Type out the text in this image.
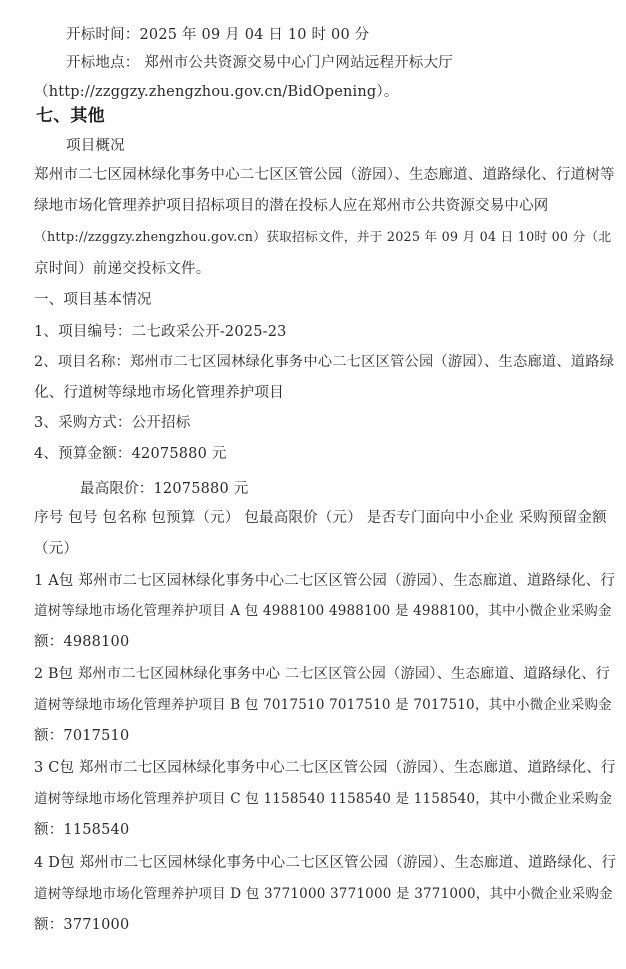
开标时间：2025 年 09 月 04 日 10 时 00 分
开标地点： 郑州市公共资源交易中心门户网站远程开标大厅
（http://zzggzy.zhengzhou.gov.cn/BidOpening）。
七、其他
项目概况
郑州市二七区园林绿化事务中心二七区区管公园（游园）、生态廊道、道路绿化、行道树等
绿地市场化管理养护项目招标项目的潜在投标人应在郑州市公共资源交易中心网
（http://zzggzy.zhengzhou.gov.cn）获取招标文件，并于 2025 年 09 月 04 日 10时 00 分（北
京时间）前递交投标文件。
一、项目基本情况
1、项目编号：二七政采公开-2025-23
2、项目名称：郑州市二七区园林绿化事务中心二七区区管公园（游园）、生态廊道、道路绿
化、行道树等绿地市场化管理养护项目
3、采购方式：公开招标
4、预算金额：42075880 元
最高限价：12075880 元
序号 包号 包名称 包预算（元） 包最高限价（元） 是否专门面向中小企业 采购预留金额
（元）
1 A包 郑州市二七区园林绿化事务中心二七区区管公园（游园）、生态廊道、道路绿化、行
道树等绿地市场化管理养护项目 A 包 4988100 4988100 是 4988100，其中小微企业采购金
额：4988100
2 B包 郑州市二七区园林绿化事务中心 二七区区管公园（游园）、生态廊道、道路绿化、行
道树等绿地市场化管理养护项目 B 包 7017510 7017510 是 7017510，其中小微企业采购金
额：7017510
3 C包 郑州市二七区园林绿化事务中心二七区区管公园（游园）、生态廊道、道路绿化、行
道树等绿地市场化管理养护项目 C 包 1158540 1158540 是 1158540，其中小微企业采购金
额：1158540
4 D包 郑州市二七区园林绿化事务中心二七区区管公园（游园）、生态廊道、道路绿化、行
道树等绿地市场化管理养护项目 D 包 3771000 3771000 是 3771000，其中小微企业采购金
额：3771000
